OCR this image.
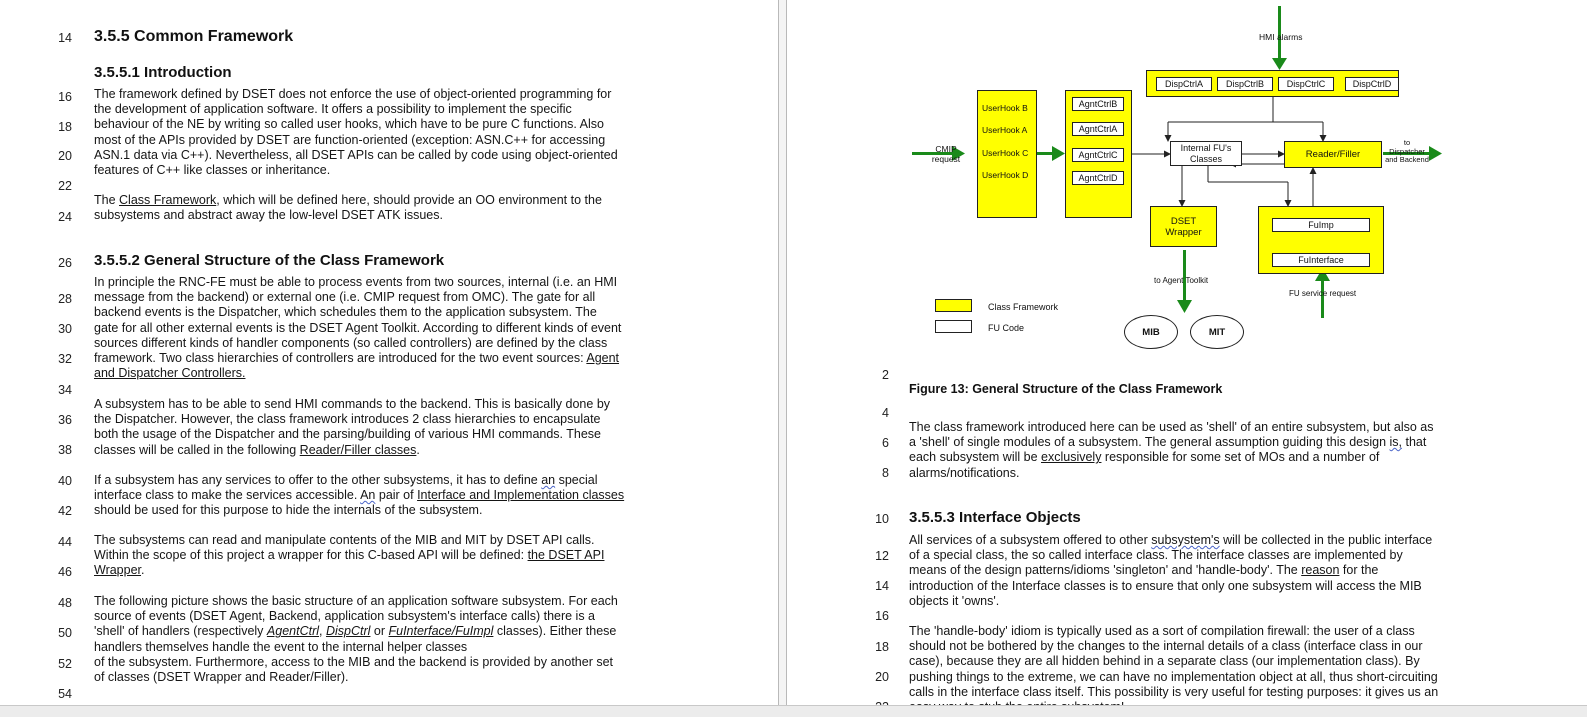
14
16
18
20
22
24
26
28
30
32
34
36
38
40
42
44
46
48
50
52
54
3.5.5 Common Framework
3.5.5.1 Introduction
The framework defined by DSET does not enforce the use of object-oriented programming for
the development of application software. It offers a possibility to implement the specific
behaviour of the NE by writing so called user hooks, which have to be pure C functions. Also
most of the APIs provided by DSET are function-oriented (exception: ASN.C++ for accessing
ASN.1 data via C++). Nevertheless, all DSET APIs can be called by code using object-oriented
features of C++ like classes or inheritance.
The Class Framework, which will be defined here, should provide an OO environment to the
subsystems and abstract away the low-level DSET ATK issues.
3.5.5.2 General Structure of the Class Framework
In principle the RNC-FE must be able to process events from two sources, internal (i.e. an HMI
message from the backend) or external one (i.e. CMIP request from OMC). The gate for all
backend events is the Dispatcher, which schedules them to the application subsystem. The
gate for all other external events is the DSET Agent Toolkit. According to different kinds of event
sources different kinds of handler components (so called controllers) are defined by the class
framework. Two class hierarchies of controllers are introduced for the two event sources: Agent
and Dispatcher Controllers.
A subsystem has to be able to send HMI commands to the backend. This is basically done by
the Dispatcher. However, the class framework introduces 2 class hierarchies to encapsulate
both the usage of the Dispatcher and the parsing/building of various HMI commands. These
classes will be called in the following Reader/Filler classes.
If a subsystem has any services to offer to the other subsystems, it has to define an special
interface class to make the services accessible. An pair of Interface and Implementation classes
should be used for this purpose to hide the internals of the subsystem.
The subsystems can read and manipulate contents of the MIB and MIT by DSET API calls.
Within the scope of this project a wrapper for this C-based API will be defined: the DSET API
Wrapper.
The following picture shows the basic structure of an application software subsystem. For each
source of events (DSET Agent, Backend, application subsystem's interface calls) there is a
'shell' of handlers (respectively AgentCtrl, DispCtrl or FuInterface/FuImpl classes). Either these
handlers themselves handle the event to the internal helper classes
of the subsystem. Furthermore, access to the MIB and the backend is provided by another set
of classes (DSET Wrapper and Reader/Filler).
HMI alarms
DispCtrlA	DispCtrlB	DispCtrlC	DispCtrlD
UserHook B
UserHook A
UserHook C
UserHook D
AgntCtrlB
AgntCtrlA
AgntCtrlC
AgntCtrlD
CMIP
request
Internal FU's
Classes	Reader/Filler
to
Dispatcher
and Backend
DSET
Wrapper
FuImp
FuInterface
to Agent Toolkit
FU service request
Class Framework
FU Code	MIB	MIT
2
4
6
8
10
12
14
16
18
20
Figure 13: General Structure of the Class Framework
The class framework introduced here can be used as 'shell' of an entire subsystem, but also as
a 'shell' of single modules of a subsystem. The general assumption guiding this design is, that
each subsystem will be exclusively responsible for some set of MOs and a number of
alarms/notifications.
3.5.5.3 Interface Objects
All services of a subsystem offered to other subsystem's will be collected in the public interface
of a special class, the so called interface class. The interface classes are implemented by
means of the design patterns/idioms 'singleton' and 'handle-body'. The reason for the
introduction of the Interface classes is to ensure that only one subsystem will access the MIB
objects it 'owns'.
The 'handle-body' idiom is typically used as a sort of compilation firewall: the user of a class
should not be bothered by the changes to the internal details of a class (interface class in our
case), because they are all hidden behind in a separate class (our implementation class). By
pushing things to the extreme, we can have no implementation object at all, thus short-circuiting
calls in the interface class itself. This possibility is very useful for testing purposes: it gives us an
